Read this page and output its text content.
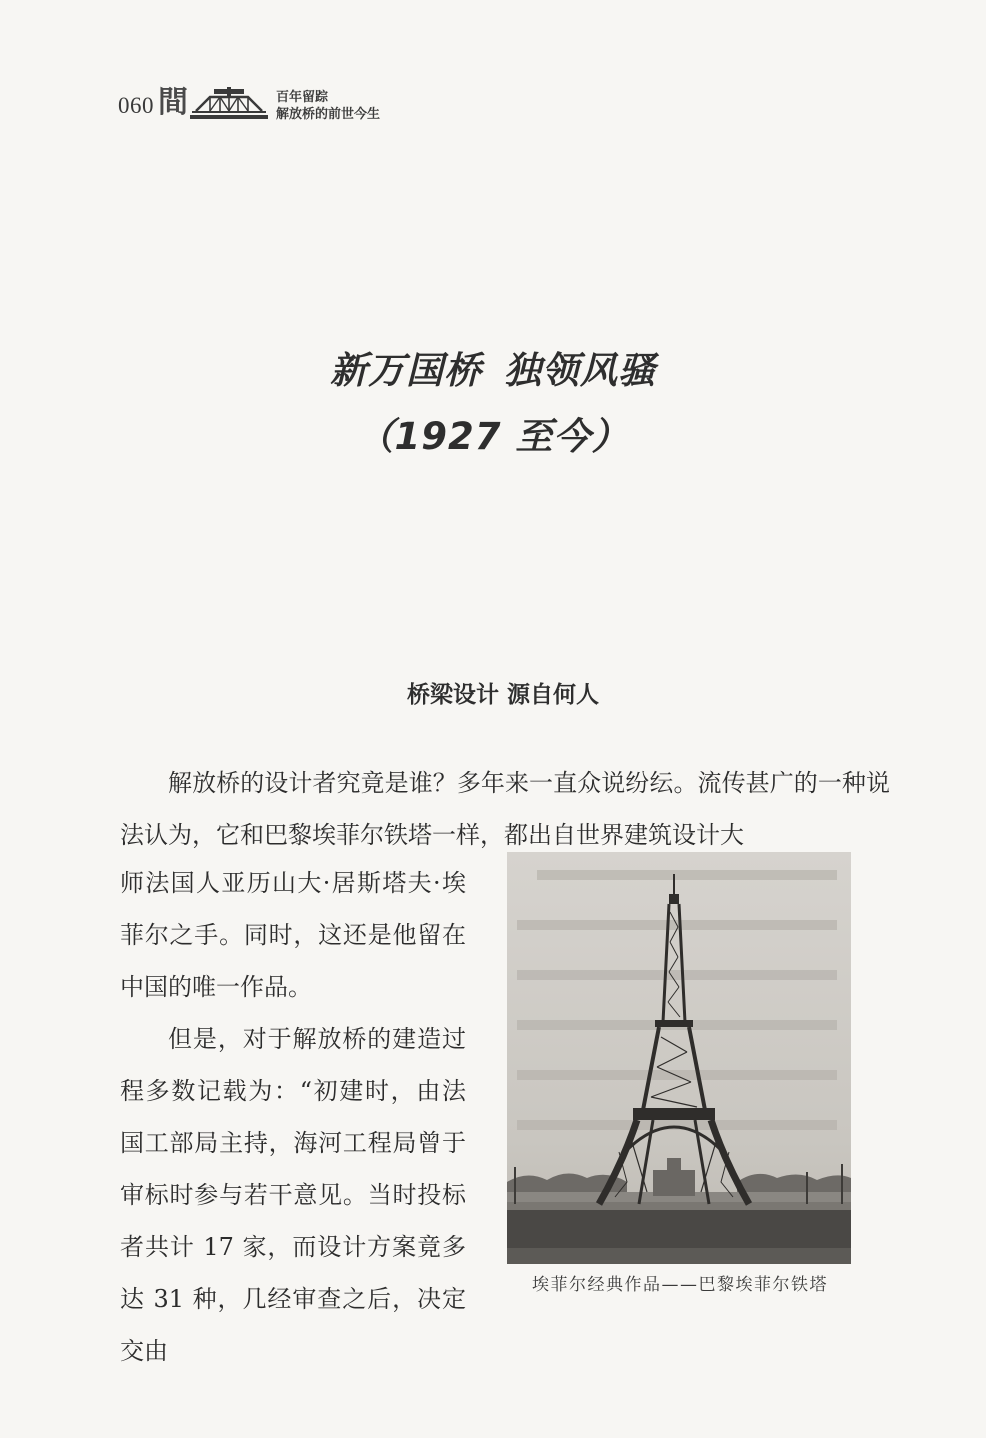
060 間	百年留踪
解放桥的前世今生
新万国桥 独领风骚
（1927 至今）
桥梁设计 源自何人

解放桥的设计者究竟是谁？多年来一直众说纷纭。流传甚广的一种说法认为，它和巴黎埃菲尔铁塔一样，都出自世界建筑设计大

师法国人亚历山大·居斯塔夫·埃菲尔之手。同时，这还是他留在中国的唯一作品。

但是，对于解放桥的建造过程多数记载为：“初建时，由法国工部局主持，海河工程局曾于审标时参与若干意见。当时投标者共计 17 家，而设计方案竟多达 31 种，几经审查之后，决定交由

埃菲尔经典作品——巴黎埃菲尔铁塔
